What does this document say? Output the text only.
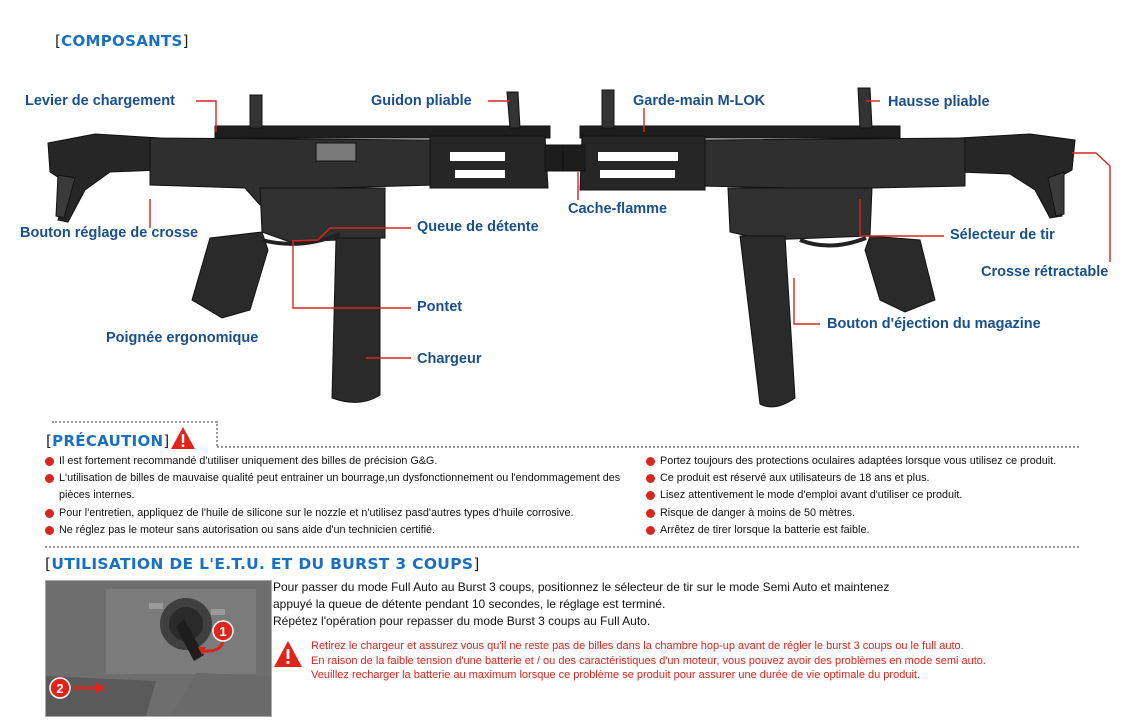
[COMPOSANTS]
Levier de chargement	Guidon pliable
Bouton réglage de crosse	Queue de détente
Pontet
Poignée ergonomique
Chargeur
Garde-main M-LOK	Hausse pliable
Cache-flamme
Sélecteur de tir
Crosse rétractable
Bouton d'éjection du magazine
[PRÉCAUTION]
Il est fortement recommandé d'utiliser uniquement des billes de précision G&G.
L'utilisation de billes de mauvaise qualité peut entrainer un bourrage,un dysfonctionnement ou l'endommagement des pièces internes.
Pour l'entretien, appliquez de l'huile de silicone sur le nozzle et n'utilisez pasd'autres types d'huile corrosive.
Ne réglez pas le moteur sans autorisation ou sans aide d'un technicien certifié.
Portez toujours des protections oculaires adaptées lorsque vous utilisez ce produit.
Ce produit est réservé aux utilisateurs de 18 ans et plus.
Lisez attentivement le mode d'emploi avant d'utiliser ce produit.
Risque de danger à moins de 50 mètres.
Arrêtez de tirer lorsque la batterie est faible.
[UTILISATION DE L'E.T.U. ET DU BURST 3 COUPS]
1
2
Pour passer du mode Full Auto au Burst 3 coups, positionnez le sélecteur de tir sur le mode Semi Auto et maintenez
appuyé la queue de détente pendant 10 secondes, le réglage est terminé.
Répétez l'opération pour repasser du mode Burst 3 coups au Full Auto.
Retirez le chargeur et assurez vous qu'il ne reste pas de billes dans la chambre hop-up avant de régler le burst 3 coups ou le full auto.
En raison de la faible tension d'une batterie et / ou des caractéristiques d'un moteur, vous pouvez avoir des problèmes en mode semi auto.
Veuillez recharger la batterie au maximum lorsque ce problème se produit pour assurer une durée de vie optimale du produit.
